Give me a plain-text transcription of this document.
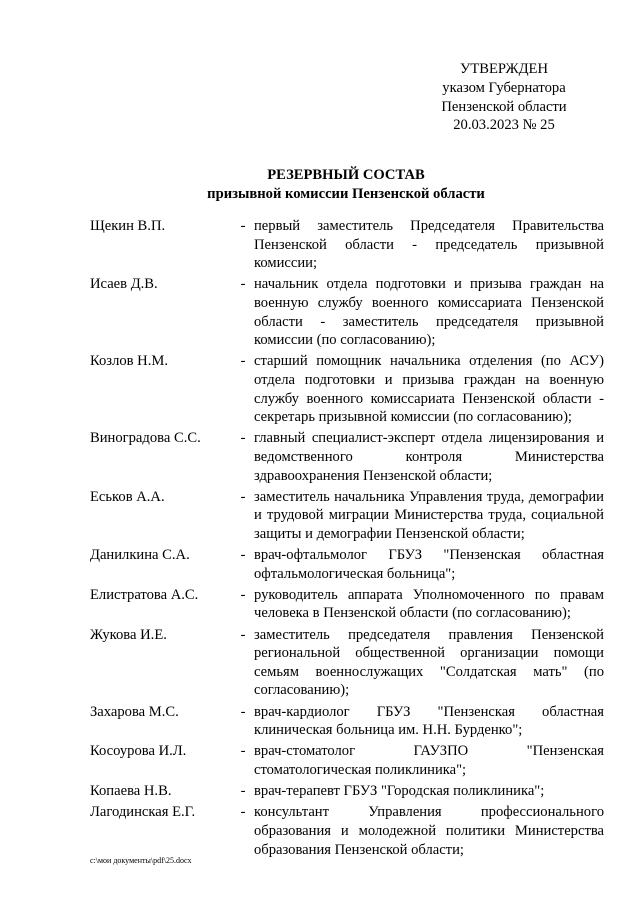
УТВЕРЖДЕН
указом Губернатора
Пензенской области
20.03.2023 № 25
РЕЗЕРВНЫЙ СОСТАВ
призывной комиссии Пензенской области
Щекин В.П.	- первый заместитель Председателя Правительства Пензенской области - председатель призывной комиссии;
Исаев Д.В.	- начальник отдела подготовки и призыва граждан на военную службу военного комиссариата Пензенской области - заместитель председателя призывной комиссии (по согласованию);
Козлов Н.М.	- старший помощник начальника отделения (по АСУ) отдела подготовки и призыва граждан на военную службу военного комиссариата Пензенской области - секретарь призывной комиссии (по согласованию);
Виноградова С.С.	- главный специалист-эксперт отдела лицензирования и ведомственного контроля Министерства здравоохранения Пензенской области;
Еськов А.А.	- заместитель начальника Управления труда, демографии и трудовой миграции Министерства труда, социальной защиты и демографии Пензенской области;
Данилкина С.А.	- врач-офтальмолог ГБУЗ "Пензенская областная офтальмологическая больница";
Елистратова А.С.	- руководитель аппарата Уполномоченного по правам человека в Пензенской области (по согласованию);
Жукова И.Е.	- заместитель председателя правления Пензенской региональной общественной организации помощи семьям военнослужащих "Солдатская мать" (по согласованию);
Захарова М.С.	- врач-кардиолог ГБУЗ "Пензенская областная клиническая больница им. Н.Н. Бурденко";
Косоурова И.Л.	- врач-стоматолог ГАУЗПО "Пензенская стоматологическая поликлиника";
Копаева Н.В.	- врач-терапевт ГБУЗ "Городская поликлиника";
Лагодинская Е.Г.	- консультант Управления профессионального образования и молодежной политики Министерства образования Пензенской области;
c:\мои документы\pdf\25.docx
